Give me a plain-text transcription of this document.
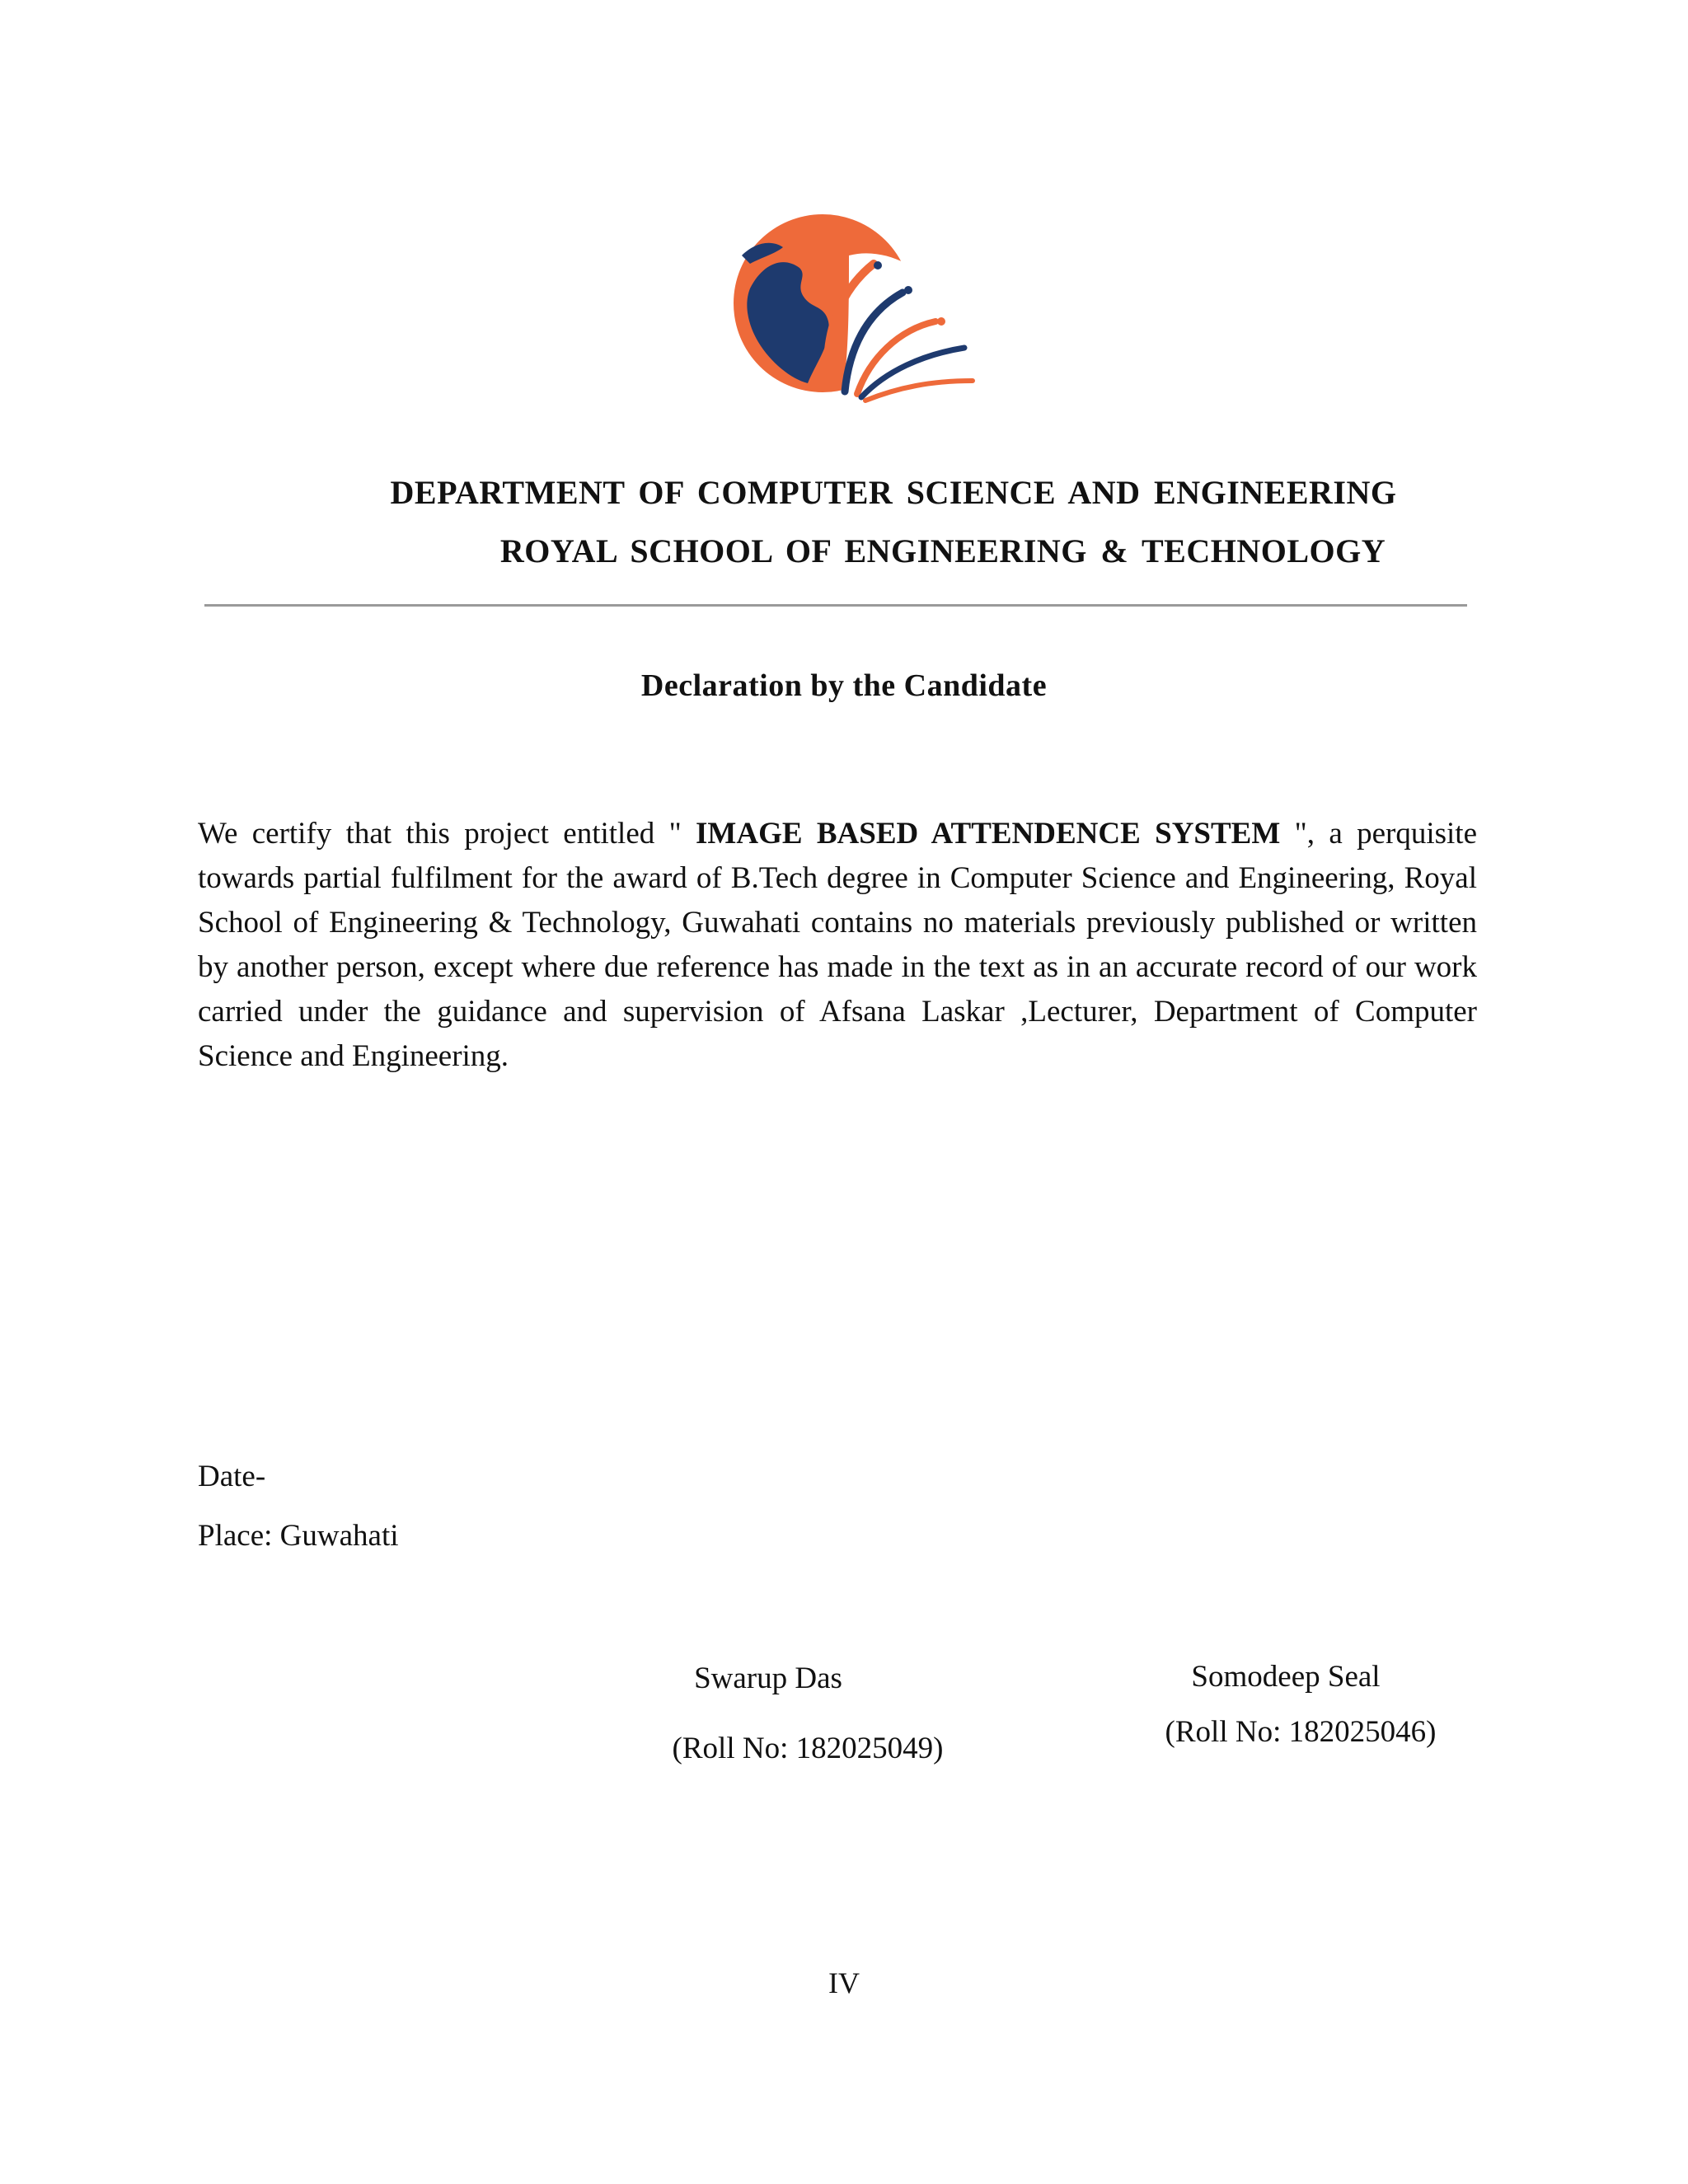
DEPARTMENT OF COMPUTER SCIENCE AND ENGINEERING
ROYAL SCHOOL OF ENGINEERING & TECHNOLOGY
Declaration by the Candidate
We certify that this project entitled " IMAGE BASED ATTENDENCE SYSTEM ", a perquisite towards partial fulfilment for the award of B.Tech degree in Computer Science and Engineering, Royal School of Engineering & Technology, Guwahati contains no materials previously published or written by another person, except where due reference has made in the text as in an accurate record of our work carried under the guidance and supervision of Afsana Laskar ,Lecturer, Department of Computer Science and Engineering.
Date-
Place: Guwahati
Swarup Das
(Roll No: 182025049)
Somodeep Seal
(Roll No: 182025046)
IV
